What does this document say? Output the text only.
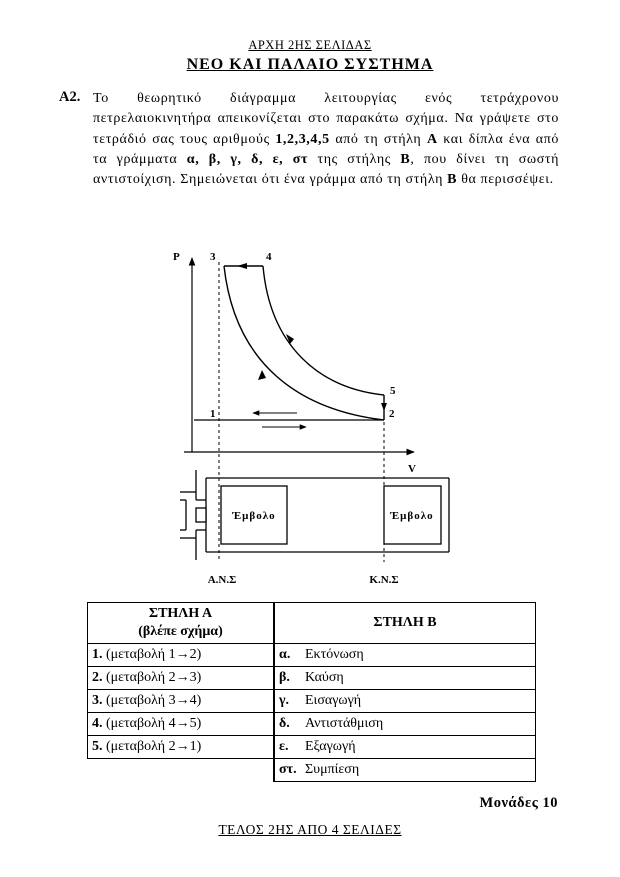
ΑΡΧΗ 2ΗΣ ΣΕΛΙΔΑΣ
ΝΕΟ ΚΑΙ ΠΑΛΑΙΟ ΣΥΣΤΗΜΑ
Α2. Το θεωρητικό διάγραμμα λειτουργίας ενός τετράχρονου πετρελαιοκινητήρα απεικονίζεται στο παρακάτω σχήμα. Να γράψετε στο τετράδιό σας τους αριθμούς 1,2,3,4,5 από τη στήλη Α και δίπλα ένα από τα γράμματα α, β, γ, δ, ε, στ της στήλης Β, που δίνει τη σωστή αντιστοίχιση. Σημειώνεται ότι ένα γράμμα από τη στήλη Β θα περισσέψει.
P
V
3	4
5
1	2
Έμβολο	Έμβολο
Α.Ν.Σ	Κ.Ν.Σ
ΣΤΗΛΗ Α
(βλέπε σχήμα)	ΣΤΗΛΗ Β
1. (μεταβολή 1→2)	α. Εκτόνωση
2. (μεταβολή 2→3)	β. Καύση
3. (μεταβολή 3→4)	γ. Εισαγωγή
4. (μεταβολή 4→5)	δ. Αντιστάθμιση
5. (μεταβολή 2→1)	ε. Εξαγωγή
	στ. Συμπίεση
Μονάδες 10
ΤΕΛΟΣ 2ΗΣ ΑΠΟ 4 ΣΕΛΙΔΕΣ
